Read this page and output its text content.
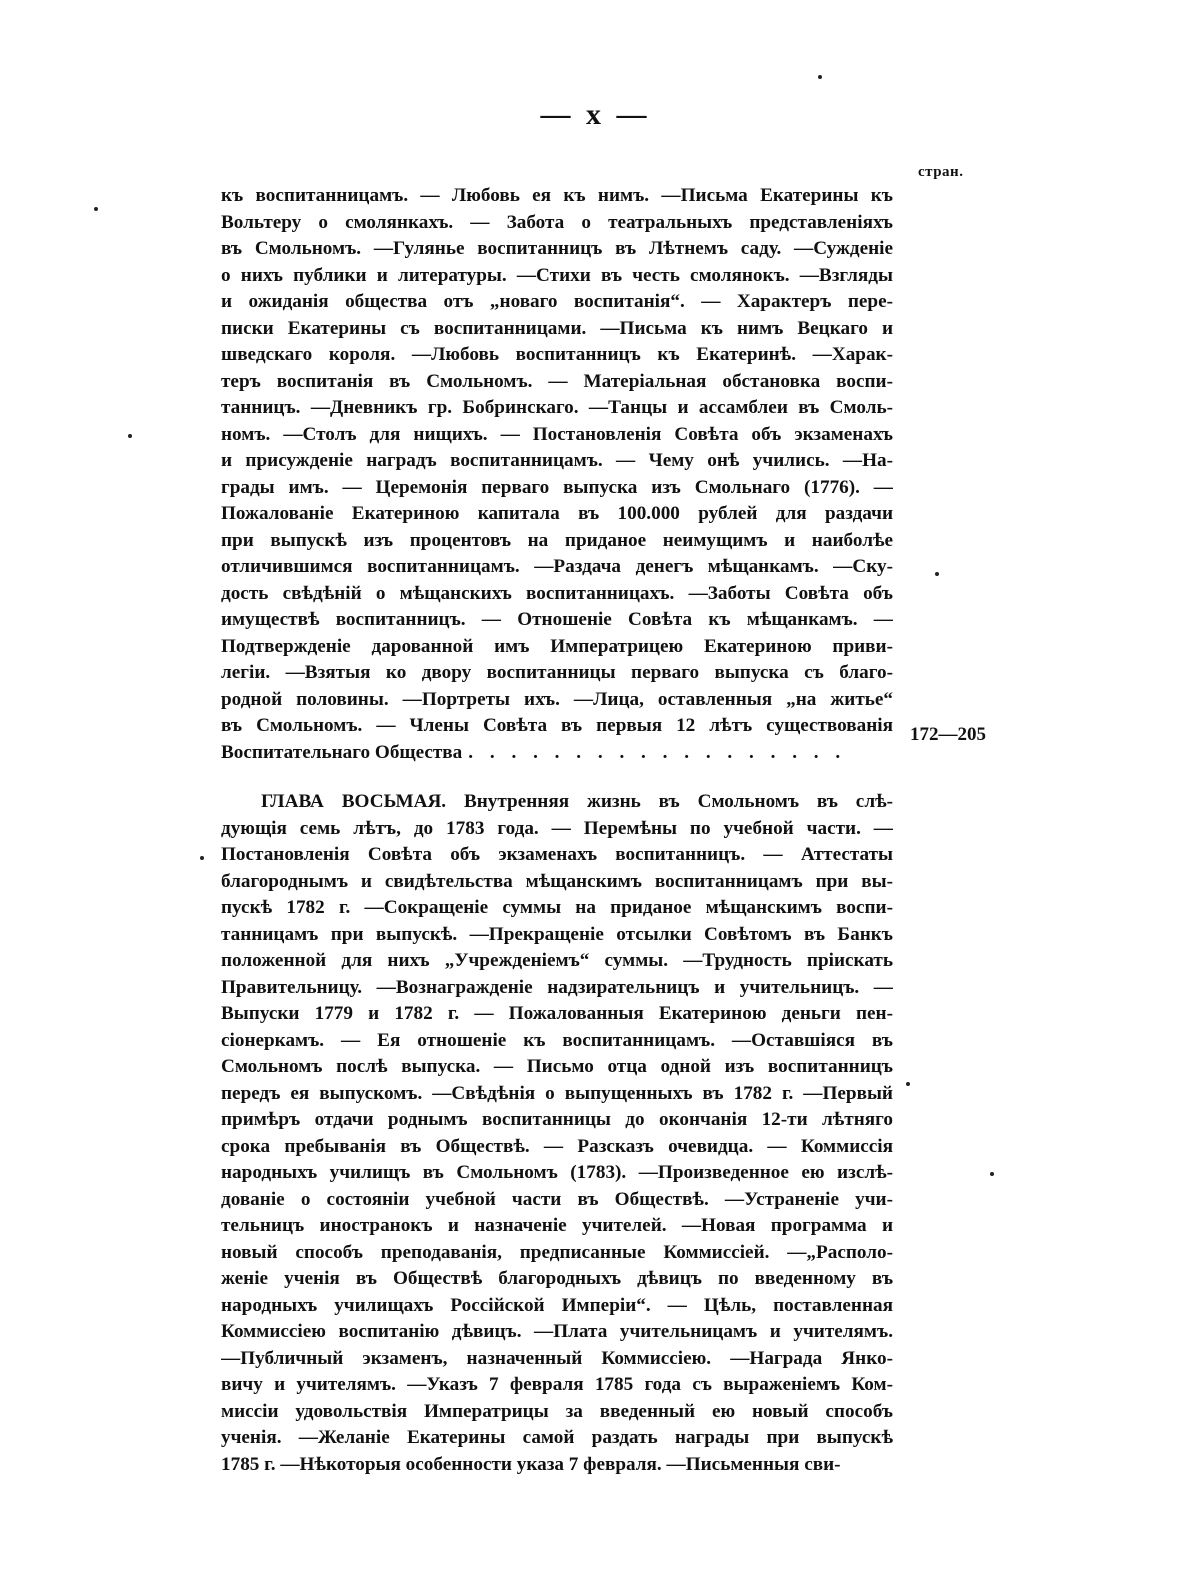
— x —
стран.
къ воспитанницамъ. — Любовь ея къ нимъ. —Письма Екатерины къ
Вольтеру о смолянкахъ. — Забота о театральныхъ представленіяхъ
въ Смольномъ. —Гулянье воспитанницъ въ Лѣтнемъ саду. —Сужденіе
о нихъ публики и литературы. —Стихи въ честь смолянокъ. —Взгляды
и ожиданія общества отъ „новаго воспитанія“. — Характеръ пере-
писки Екатерины съ воспитанницами. —Письма къ нимъ Вецкаго и
шведскаго короля. —Любовь воспитанницъ къ Екатеринѣ. —Харак-
теръ воспитанія въ Смольномъ. — Матеріальная обстановка воспи-
танницъ. —Дневникъ гр. Бобринскаго. —Танцы и ассамблеи въ Смоль-
номъ. —Столъ для нищихъ. — Постановленія Совѣта объ экзаменахъ
и присужденіе наградъ воспитанницамъ. — Чему онѣ учились. —На-
грады имъ. — Церемонія перваго выпуска изъ Смольнаго (1776). —
Пожалованіе Екатериною капитала въ 100.000 рублей для раздачи
при выпускѣ изъ процентовъ на приданое неимущимъ и наиболѣе
отличившимся воспитанницамъ. —Раздача денегъ мѣщанкамъ. —Ску-
дость свѣдѣній о мѣщанскихъ воспитанницахъ. —Заботы Совѣта объ
имуществѣ воспитанницъ. — Отношеніе Совѣта къ мѣщанкамъ. —
Подтвержденіе дарованной имъ Императрицею Екатериною приви-
легіи. —Взятыя ко двору воспитанницы перваго выпуска съ благо-
родной половины. —Портреты ихъ. —Лица, оставленныя „на житье“
въ Смольномъ. — Члены Совѣта въ первыя 12 лѣтъ существованія
Воспитательнаго Общества . . . . . . . . . . . . . . . . . .
172—205
ГЛАВА ВОСЬМАЯ. Внутренняя жизнь въ Смольномъ въ слѣ-
дующія семь лѣтъ, до 1783 года. — Перемѣны по учебной части. —
Постановленія Совѣта объ экзаменахъ воспитанницъ. — Аттестаты
благороднымъ и свидѣтельства мѣщанскимъ воспитанницамъ при вы-
пускѣ 1782 г. —Сокращеніе суммы на приданое мѣщанскимъ воспи-
танницамъ при выпускѣ. —Прекращеніе отсылки Совѣтомъ въ Банкъ
положенной для нихъ „Учрежденіемъ“ суммы. —Трудность пріискать
Правительницу. —Вознагражденіе надзирательницъ и учительницъ. —
Выпуски 1779 и 1782 г. — Пожалованныя Екатериною деньги пен-
сіонеркамъ. — Ея отношеніе къ воспитанницамъ. —Оставшіяся въ
Смольномъ послѣ выпуска. — Письмо отца одной изъ воспитанницъ
передъ ея выпускомъ. —Свѣдѣнія о выпущенныхъ въ 1782 г. —Первый
примѣръ отдачи роднымъ воспитанницы до окончанія 12-ти лѣтняго
срока пребыванія въ Обществѣ. — Разсказъ очевидца. — Коммиссія
народныхъ училищъ въ Смольномъ (1783). —Произведенное ею изслѣ-
дованіе о состояніи учебной части въ Обществѣ. —Устраненіе учи-
тельницъ иностранокъ и назначеніе учителей. —Новая программа и
новый способъ преподаванія, предписанные Коммиссіей. —„Располо-
женіе ученія въ Обществѣ благородныхъ дѣвицъ по введенному въ
народныхъ училищахъ Россійской Имперіи“. — Цѣль, поставленная
Коммиссіею воспитанію дѣвицъ. —Плата учительницамъ и учителямъ.
—Публичный экзаменъ, назначенный Коммиссіею. —Награда Янко-
вичу и учителямъ. —Указъ 7 февраля 1785 года съ выраженіемъ Ком-
миссіи удовольствія Императрицы за введенный ею новый способъ
ученія. —Желаніе Екатерины самой раздать награды при выпускѣ
1785 г. —Нѣкоторыя особенности указа 7 февраля. —Письменныя сви-
